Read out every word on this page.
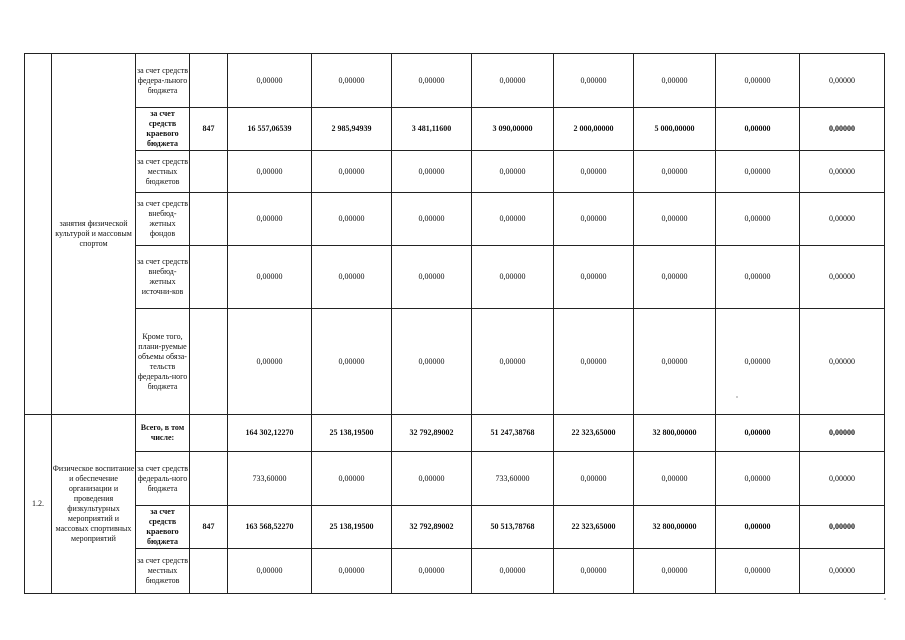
	занятия физической культурой и массовым спортом	за счет средств федера-льного бюджета		0,00000	0,00000	0,00000	0,00000	0,00000	0,00000	0,00000	0,00000
		за счет средств краевого бюджета	847	16 557,06539	2 985,94939	3 481,11600	3 090,00000	2 000,00000	5 000,00000	0,00000	0,00000
		за счет средств местных бюджетов		0,00000	0,00000	0,00000	0,00000	0,00000	0,00000	0,00000	0,00000
		за счет средств внебюд-жетных фондов		0,00000	0,00000	0,00000	0,00000	0,00000	0,00000	0,00000	0,00000
		за счет средств внебюд-жетных источни-ков		0,00000	0,00000	0,00000	0,00000	0,00000	0,00000	0,00000	0,00000
		Кроме того, плани-руемые объемы обяза-тельств федераль-ного бюджета		0,00000	0,00000	0,00000	0,00000	0,00000	0,00000	0,00000	0,00000
1.2.	Физическое воспитание и обеспечение организации и проведения физкультурных мероприятий и массовых спортивных мероприятий	Всего, в том числе:		164 302,12270	25 138,19500	32 792,89002	51 247,38768	22 323,65000	32 800,00000	0,00000	0,00000
		за счет средств федераль-ного бюджета		733,60000	0,00000	0,00000	733,60000	0,00000	0,00000	0,00000	0,00000
		за счет средств краевого бюджета	847	163 568,52270	25 138,19500	32 792,89002	50 513,78768	22 323,65000	32 800,00000	0,00000	0,00000
		за счет средств местных бюджетов		0,00000	0,00000	0,00000	0,00000	0,00000	0,00000	0,00000	0,00000
